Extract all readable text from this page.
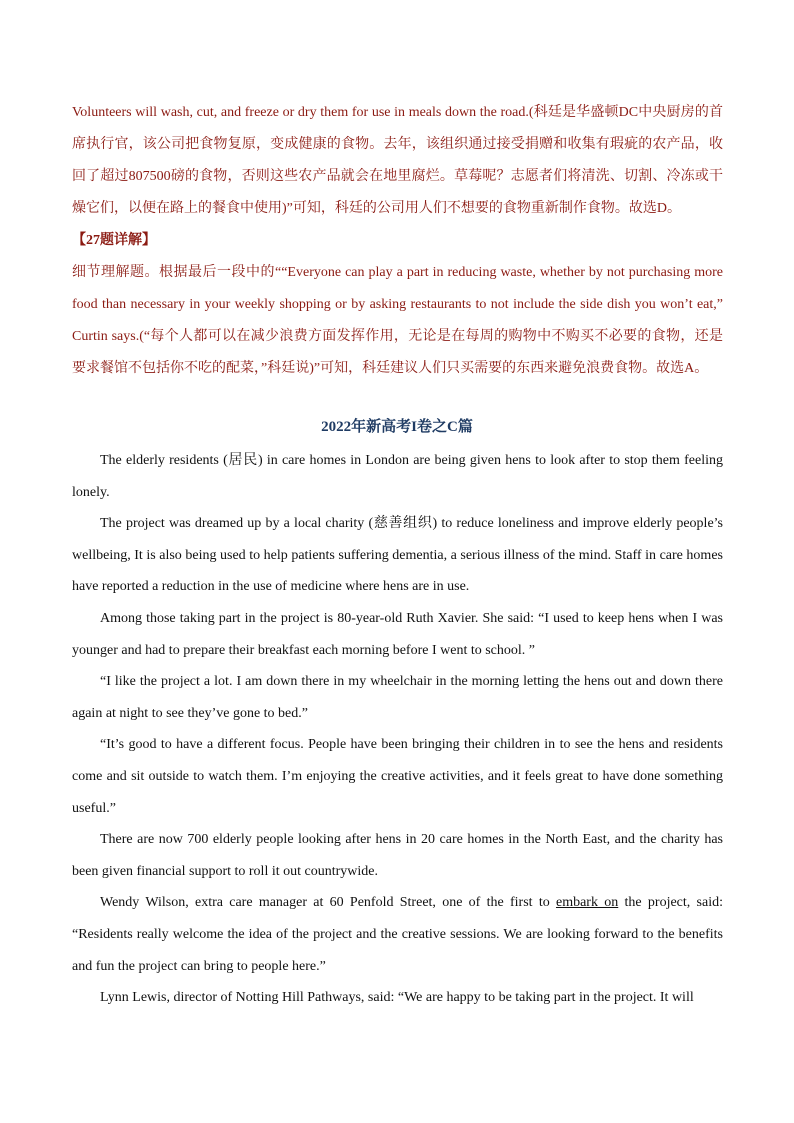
Volunteers will wash, cut, and freeze or dry them for use in meals down the road.(科廷是华盛顿DC中央厨房的首席执行官，该公司把食物复原，变成健康的食物。去年，该组织通过接受捐赠和收集有瑕疵的农产品，收回了超过807500磅的食物，否则这些农产品就会在地里腐烂。草莓呢？志愿者们将清洗、切割、冷冻或干燥它们，以便在路上的餐食中使用)”可知，科廷的公司用人们不想要的食物重新制作食物。故选D。

【27题详解】

细节理解题。根据最后一段中的““Everyone can play a part in reducing waste, whether by not purchasing more food than necessary in your weekly shopping or by asking restaurants to not include the side dish you won’t eat,” Curtin says.(“每个人都可以在减少浪费方面发挥作用，无论是在每周的购物中不购买不必要的食物，还是要求餐馆不包括你不吃的配菜，”科廷说)”可知，科廷建议人们只买需要的东西来避免浪费食物。故选A。

2022年新高考I卷之C篇

The elderly residents (居民) in care homes in London are being given hens to look after to stop them feeling lonely.

The project was dreamed up by a local charity (慈善组织) to reduce loneliness and improve elderly people’s wellbeing, It is also being used to help patients suffering dementia, a serious illness of the mind. Staff in care homes have reported a reduction in the use of medicine where hens are in use.

Among those taking part in the project is 80-year-old Ruth Xavier. She said: “I used to keep hens when I was younger and had to prepare their breakfast each morning before I went to school. ”

“I like the project a lot. I am down there in my wheelchair in the morning letting the hens out and down there again at night to see they’ve gone to bed.”

“It’s good to have a different focus. People have been bringing their children in to see the hens and residents come and sit outside to watch them. I’m enjoying the creative activities, and it feels great to have done something useful.”

There are now 700 elderly people looking after hens in 20 care homes in the North East, and the charity has been given financial support to roll it out countrywide.

Wendy Wilson, extra care manager at 60 Penfold Street, one of the first to embark on the project, said: “Residents really welcome the idea of the project and the creative sessions. We are looking forward to the benefits and fun the project can bring to people here.”

Lynn Lewis, director of Notting Hill Pathways, said: “We are happy to be taking part in the project. It will
